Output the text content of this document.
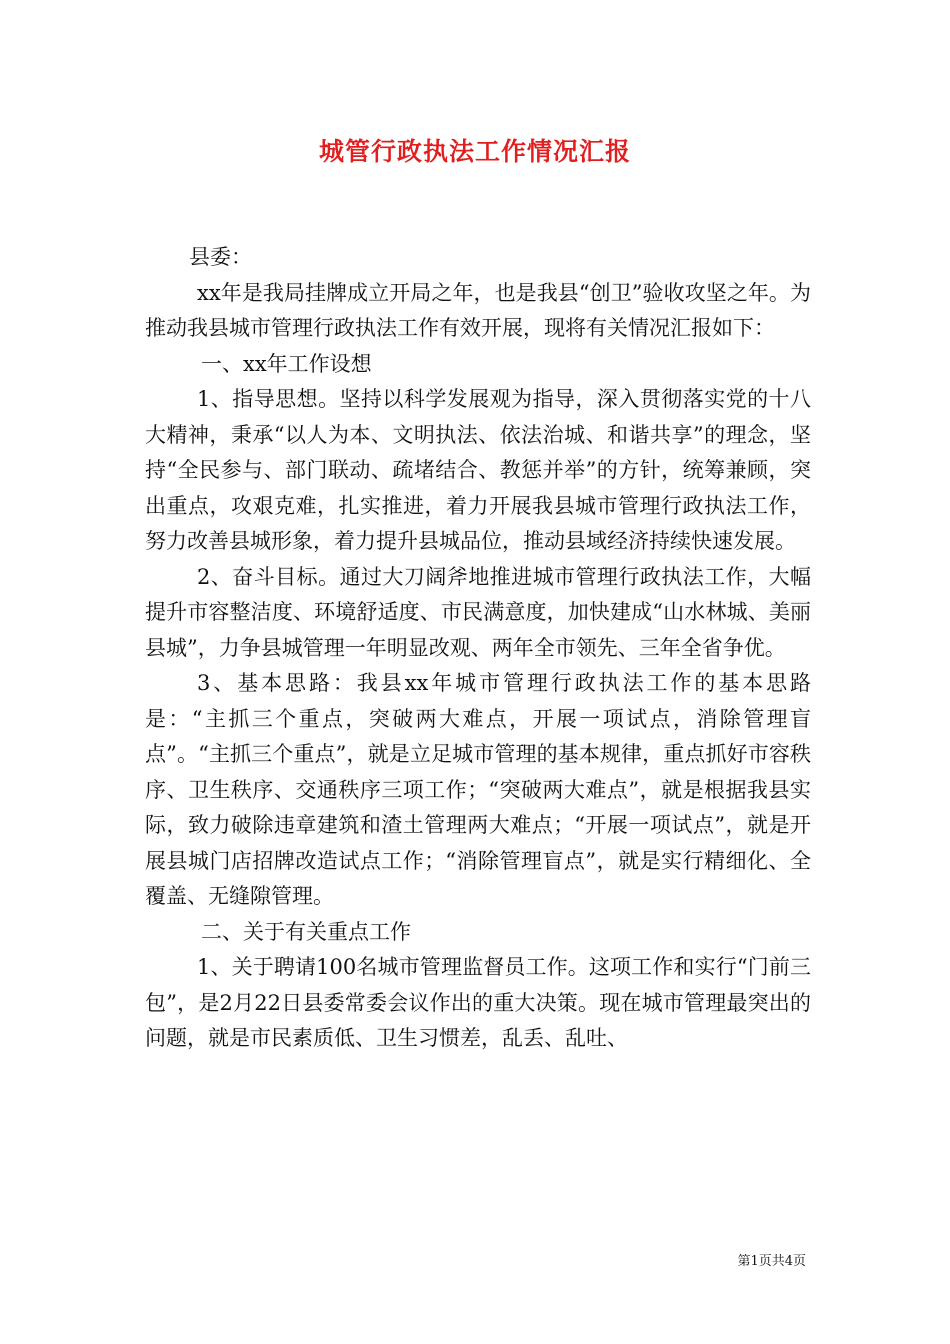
城管行政执法工作情况汇报

县委：

xx年是我局挂牌成立开局之年，也是我县“创卫”验收攻坚之年。为推动我县城市管理行政执法工作有效开展，现将有关情况汇报如下：

一、xx年工作设想

1、指导思想。坚持以科学发展观为指导，深入贯彻落实党的十八大精神，秉承“以人为本、文明执法、依法治城、和谐共享”的理念，坚持“全民参与、部门联动、疏堵结合、教惩并举”的方针，统筹兼顾，突出重点，攻艰克难，扎实推进，着力开展我县城市管理行政执法工作，努力改善县城形象，着力提升县城品位，推动县域经济持续快速发展。

2、奋斗目标。通过大刀阔斧地推进城市管理行政执法工作，大幅提升市容整洁度、环境舒适度、市民满意度，加快建成“山水林城、美丽县城”，力争县城管理一年明显改观、两年全市领先、三年全省争优。

3、基本思路：我县xx年城市管理行政执法工作的基本思路是：“主抓三个重点，突破两大难点，开展一项试点，消除管理盲点”。“主抓三个重点”，就是立足城市管理的基本规律，重点抓好市容秩序、卫生秩序、交通秩序三项工作；“突破两大难点”，就是根据我县实际，致力破除违章建筑和渣土管理两大难点；“开展一项试点”，就是开展县城门店招牌改造试点工作；“消除管理盲点”，就是实行精细化、全覆盖、无缝隙管理。

二、关于有关重点工作

1、关于聘请100名城市管理监督员工作。这项工作和实行“门前三包”，是2月22日县委常委会议作出的重大决策。现在城市管理最突出的问题，就是市民素质低、卫生习惯差，乱丢、乱吐、

第1页共4页
